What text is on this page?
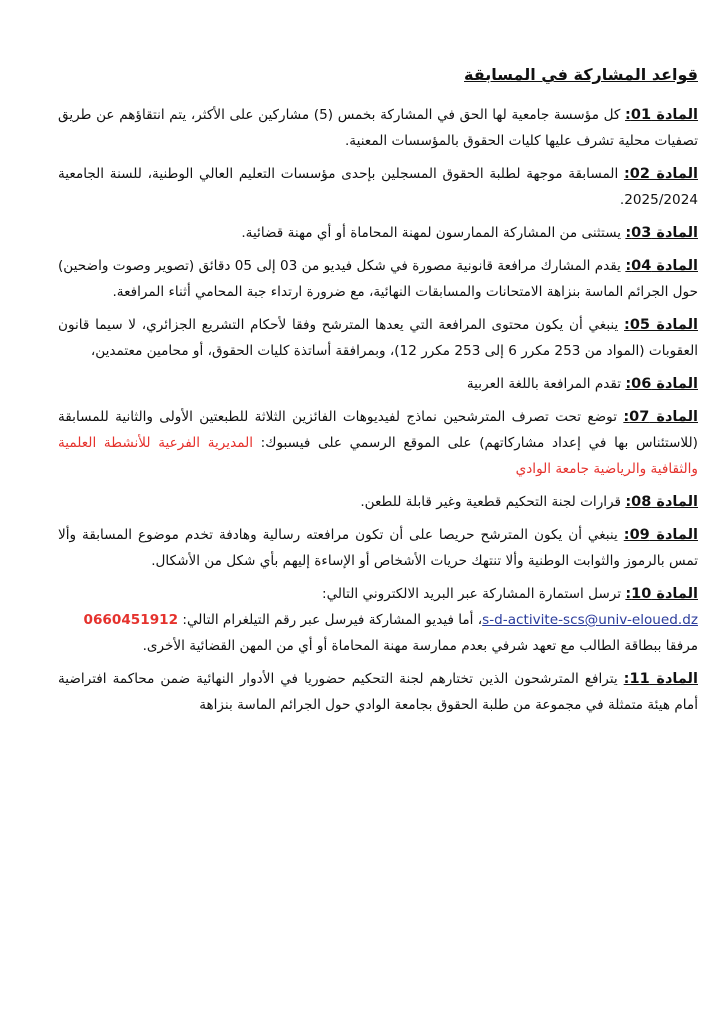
قواعد المشاركة في المسابقة

المادة 01: كل مؤسسة جامعية لها الحق في المشاركة بخمس (5) مشاركين على الأكثر، يتم انتقاؤهم عن طريق تصفيات محلية تشرف عليها كليات الحقوق بالمؤسسات المعنية.

المادة 02: المسابقة موجهة لطلبة الحقوق المسجلين بإحدى مؤسسات التعليم العالي الوطنية، للسنة الجامعية 2025/2024.

المادة 03: يستثنى من المشاركة الممارسون لمهنة المحاماة أو أي مهنة قضائية.

المادة 04: يقدم المشارك مرافعة قانونية مصورة في شكل فيديو من 03 إلى 05 دقائق (تصوير وصوت واضحين) حول الجرائم الماسة بنزاهة الامتحانات والمسابقات النهائية، مع ضرورة ارتداء جبة المحامي أثناء المرافعة.

المادة 05: ينبغي أن يكون محتوى المرافعة التي يعدها المترشح وفقا لأحكام التشريع الجزائري، لا سيما قانون العقوبات (المواد من 253 مكرر 6 إلى 253 مكرر 12)، وبمرافقة أساتذة كليات الحقوق، أو محامين معتمدين،

المادة 06: تقدم المرافعة باللغة العربية

المادة 07: توضع تحت تصرف المترشحين نماذج لفيديوهات الفائزين الثلاثة للطبعتين الأولى والثانية للمسابقة (للاستئناس بها في إعداد مشاركاتهم) على الموقع الرسمي على فيسبوك: المديرية الفرعية للأنشطة العلمية والثقافية والرياضية جامعة الوادي

المادة 08: قرارات لجنة التحكيم قطعية وغير قابلة للطعن.

المادة 09: ينبغي أن يكون المترشح حريصا على أن تكون مرافعته رسالية وهادفة تخدم موضوع المسابقة وألا تمس بالرموز والثوابت الوطنية وألا تنتهك حريات الأشخاص أو الإساءة إليهم بأي شكل من الأشكال.

المادة 10: ترسل استمارة المشاركة عبر البريد الالكتروني التالي:
s-d-activite-scs@univ-eloued.dz، أما فيديو المشاركة فيرسل عبر رقم التيلغرام التالي: 0660451912
مرفقا ببطاقة الطالب مع تعهد شرفي بعدم ممارسة مهنة المحاماة أو أي من المهن القضائية الأخرى.

المادة 11: يترافع المترشحون الذين تختارهم لجنة التحكيم حضوريا في الأدوار النهائية ضمن محاكمة افتراضية أمام هيئة متمثلة في مجموعة من طلبة الحقوق بجامعة الوادي حول الجرائم الماسة بنزاهة
